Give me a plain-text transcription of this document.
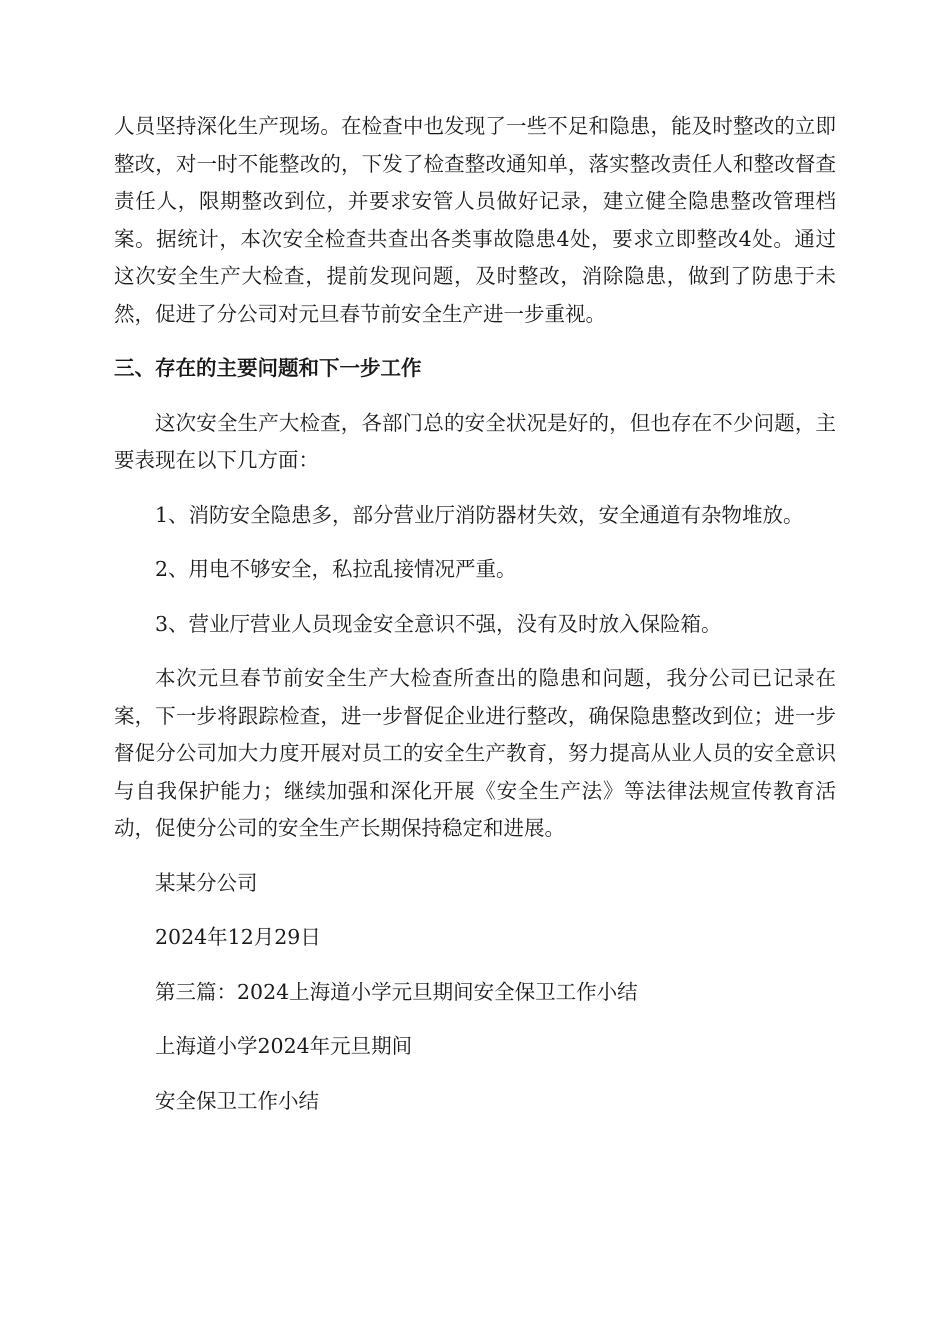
人员坚持深化生产现场。在检查中也发现了一些不足和隐患，能及时整改的立即整改，对一时不能整改的，下发了检查整改通知单，落实整改责任人和整改督查责任人，限期整改到位，并要求安管人员做好记录，建立健全隐患整改管理档案。据统计，本次安全检查共查出各类事故隐患4处，要求立即整改4处。通过这次安全生产大检查，提前发现问题，及时整改，消除隐患，做到了防患于未然，促进了分公司对元旦春节前安全生产进一步重视。

三、存在的主要问题和下一步工作

这次安全生产大检查，各部门总的安全状况是好的，但也存在不少问题，主要表现在以下几方面：

1、消防安全隐患多，部分营业厅消防器材失效，安全通道有杂物堆放。

2、用电不够安全，私拉乱接情况严重。

3、营业厅营业人员现金安全意识不强，没有及时放入保险箱。

本次元旦春节前安全生产大检查所查出的隐患和问题，我分公司已记录在案，下一步将跟踪检查，进一步督促企业进行整改，确保隐患整改到位；进一步督促分公司加大力度开展对员工的安全生产教育，努力提高从业人员的安全意识与自我保护能力；继续加强和深化开展《安全生产法》等法律法规宣传教育活动，促使分公司的安全生产长期保持稳定和进展。

某某分公司

2024年12月29日

第三篇：2024上海道小学元旦期间安全保卫工作小结

上海道小学2024年元旦期间

安全保卫工作小结
